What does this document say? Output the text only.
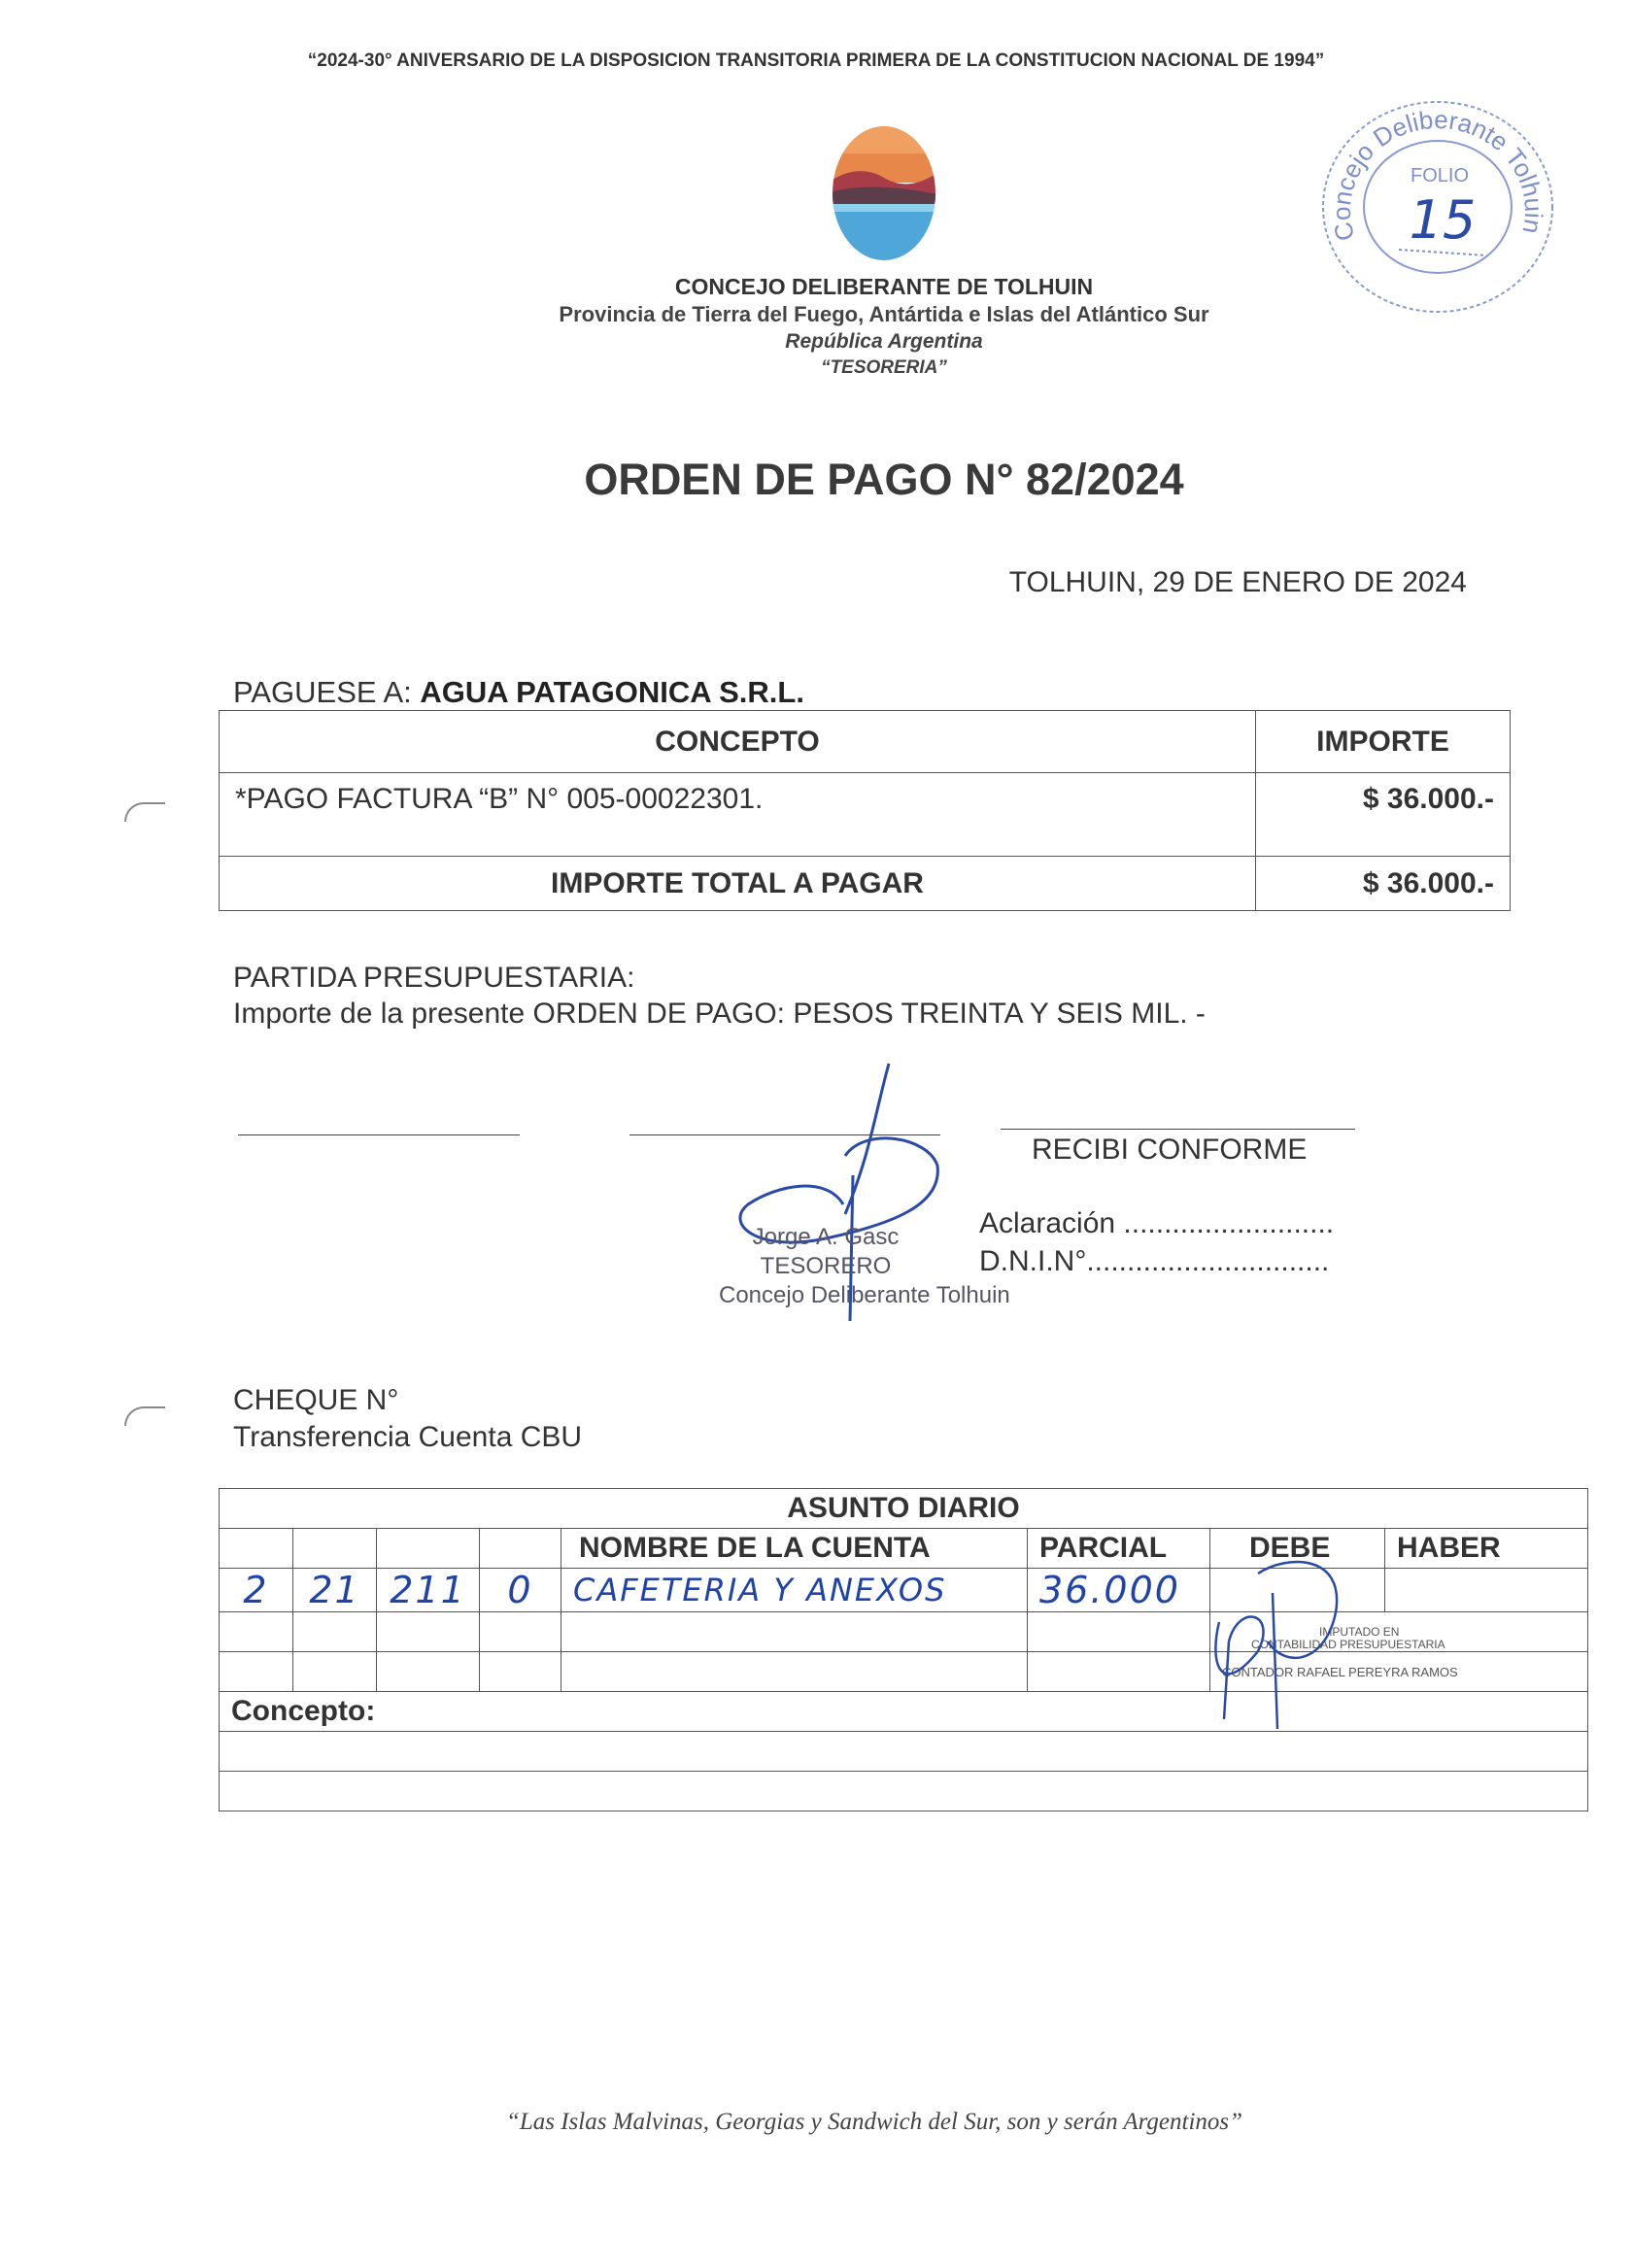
“2024-30° ANIVERSARIO DE LA DISPOSICION TRANSITORIA PRIMERA DE LA CONSTITUCION NACIONAL DE 1994”
CONCEJO DELIBERANTE DE TOLHUIN
Provincia de Tierra del Fuego, Antártida e Islas del Atlántico Sur
República Argentina
“TESORERIA”
Concejo Deliberante Tolhuin
FOLIO
15
ORDEN DE PAGO N° 82/2024
TOLHUIN, 29 DE ENERO DE 2024
PAGUESE A: AGUA PATAGONICA S.R.L.
CONCEPTO	IMPORTE
*PAGO FACTURA “B” N° 005-00022301.	$ 36.000.-
IMPORTE TOTAL A PAGAR	$ 36.000.-
PARTIDA PRESUPUESTARIA:
Importe de la presente ORDEN DE PAGO: PESOS TREINTA Y SEIS MIL. -
Jorge A. Gasc
TESORERO
Concejo Deliberante Tolhuin
RECIBI CONFORME
Aclaración ..........................
D.N.I.N°..............................
CHEQUE N°
Transferencia Cuenta CBU
ASUNTO DIARIO							
				NOMBRE DE LA CUENTA	PARCIAL	DEBE	HABER
2	21	211	0	CAFETERIA Y ANEXOS	36.000		

						IMPUTADO EN
CONTABILIDAD PRESUPUESTARIA	

						CONTADOR RAFAEL PEREYRA RAMOS	
Concepto:							

“Las Islas Malvinas, Georgias y Sandwich del Sur, son y serán Argentinos”
